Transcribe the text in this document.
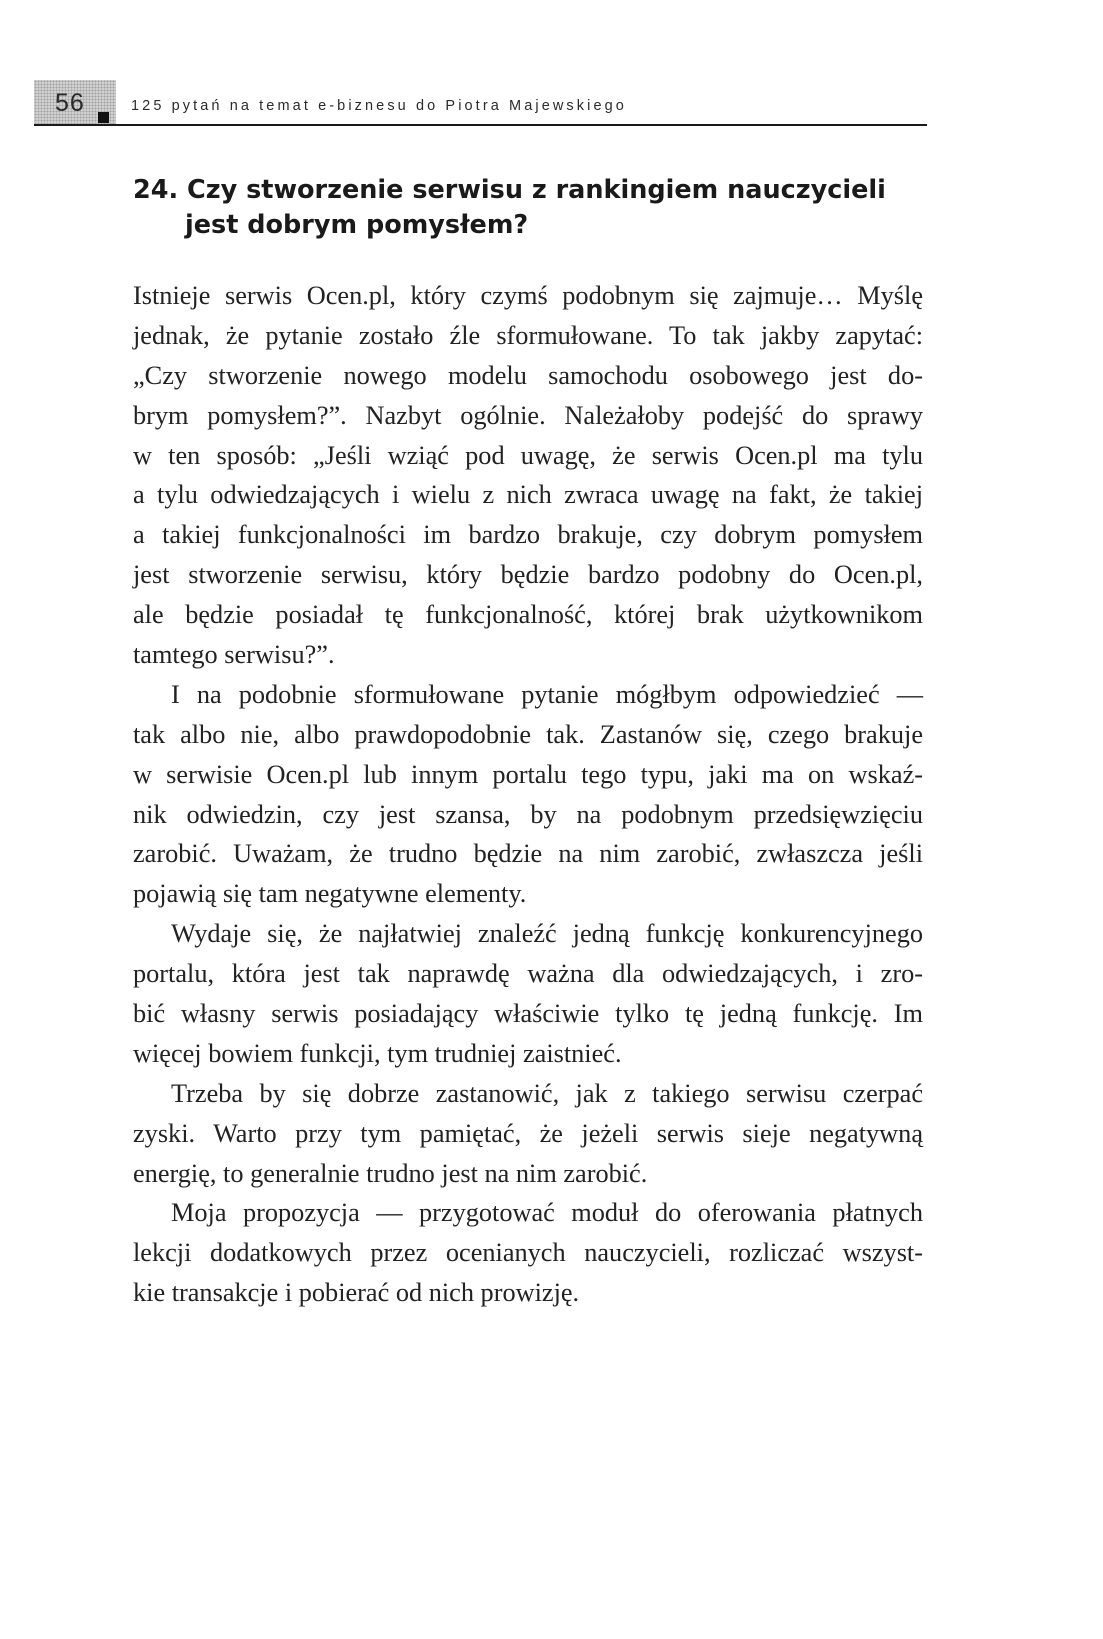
56	125 pytań na temat e-biznesu do Piotra Majewskiego
24. Czy stworzenie serwisu z rankingiem nauczycieli
jest dobrym pomysłem?
Istnieje serwis Ocen.pl, który czymś podobnym się zajmuje… Myślę
jednak, że pytanie zostało źle sformułowane. To tak jakby zapytać:
„Czy stworzenie nowego modelu samochodu osobowego jest do-
brym pomysłem?”. Nazbyt ogólnie. Należałoby podejść do sprawy
w ten sposób: „Jeśli wziąć pod uwagę, że serwis Ocen.pl ma tylu
a tylu odwiedzających i wielu z nich zwraca uwagę na fakt, że takiej
a takiej funkcjonalności im bardzo brakuje, czy dobrym pomysłem
jest stworzenie serwisu, który będzie bardzo podobny do Ocen.pl,
ale będzie posiadał tę funkcjonalność, której brak użytkownikom
tamtego serwisu?”.
I na podobnie sformułowane pytanie mógłbym odpowiedzieć —
tak albo nie, albo prawdopodobnie tak. Zastanów się, czego brakuje
w serwisie Ocen.pl lub innym portalu tego typu, jaki ma on wskaź-
nik odwiedzin, czy jest szansa, by na podobnym przedsięwzięciu
zarobić. Uważam, że trudno będzie na nim zarobić, zwłaszcza jeśli
pojawią się tam negatywne elementy.
Wydaje się, że najłatwiej znaleźć jedną funkcję konkurencyjnego
portalu, która jest tak naprawdę ważna dla odwiedzających, i zro-
bić własny serwis posiadający właściwie tylko tę jedną funkcję. Im
więcej bowiem funkcji, tym trudniej zaistnieć.
Trzeba by się dobrze zastanowić, jak z takiego serwisu czerpać
zyski. Warto przy tym pamiętać, że jeżeli serwis sieje negatywną
energię, to generalnie trudno jest na nim zarobić.
Moja propozycja — przygotować moduł do oferowania płatnych
lekcji dodatkowych przez ocenianych nauczycieli, rozliczać wszyst-
kie transakcje i pobierać od nich prowizję.
